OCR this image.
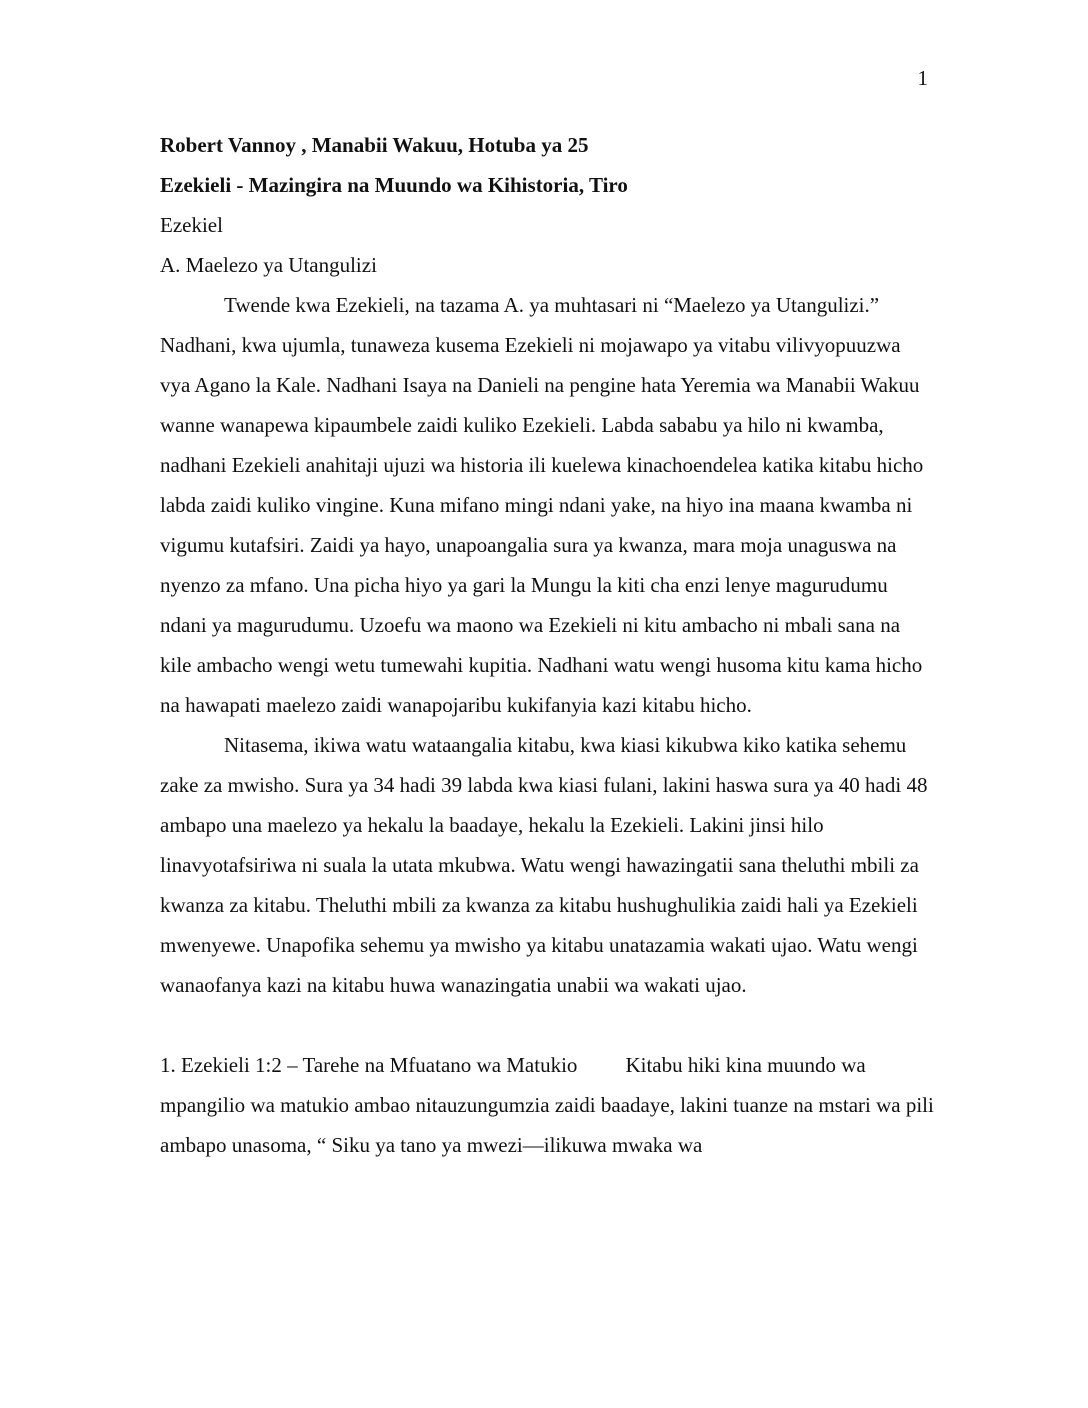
1

Robert Vannoy , Manabii Wakuu, Hotuba ya 25

Ezekieli - Mazingira na Muundo wa Kihistoria, Tiro

Ezekiel

A. Maelezo ya Utangulizi

Twende kwa Ezekieli, na tazama A. ya muhtasari ni “Maelezo ya Utangulizi.”

Nadhani, kwa ujumla, tunaweza kusema Ezekieli ni mojawapo ya vitabu vilivyopuuzwa vya Agano la Kale. Nadhani Isaya na Danieli na pengine hata Yeremia wa Manabii Wakuu wanne wanapewa kipaumbele zaidi kuliko Ezekieli. Labda sababu ya hilo ni kwamba, nadhani Ezekieli anahitaji ujuzi wa historia ili kuelewa kinachoendelea katika kitabu hicho labda zaidi kuliko vingine. Kuna mifano mingi ndani yake, na hiyo ina maana kwamba ni vigumu kutafsiri. Zaidi ya hayo, unapoangalia sura ya kwanza, mara moja unaguswa na nyenzo za mfano. Una picha hiyo ya gari la Mungu la kiti cha enzi lenye magurudumu ndani ya magurudumu. Uzoefu wa maono wa Ezekieli ni kitu ambacho ni mbali sana na kile ambacho wengi wetu tumewahi kupitia. Nadhani watu wengi husoma kitu kama hicho na hawapati maelezo zaidi wanapojaribu kukifanyia kazi kitabu hicho.

Nitasema, ikiwa watu wataangalia kitabu, kwa kiasi kikubwa kiko katika sehemu zake za mwisho. Sura ya 34 hadi 39 labda kwa kiasi fulani, lakini haswa sura ya 40 hadi 48 ambapo una maelezo ya hekalu la baadaye, hekalu la Ezekieli. Lakini jinsi hilo linavyotafsiriwa ni suala la utata mkubwa. Watu wengi hawazingatii sana theluthi mbili za kwanza za kitabu. Theluthi mbili za kwanza za kitabu hushughulikia zaidi hali ya Ezekieli mwenyewe. Unapofika sehemu ya mwisho ya kitabu unatazamia wakati ujao. Watu wengi wanaofanya kazi na kitabu huwa wanazingatia unabii wa wakati ujao.

1. Ezekieli 1:2 – Tarehe na Mfuatano wa Matukio Kitabu hiki kina muundo wa mpangilio wa matukio ambao nitauzungumzia zaidi baadaye, lakini tuanze na mstari wa pili ambapo unasoma, “ Siku ya tano ya mwezi—ilikuwa mwaka wa
